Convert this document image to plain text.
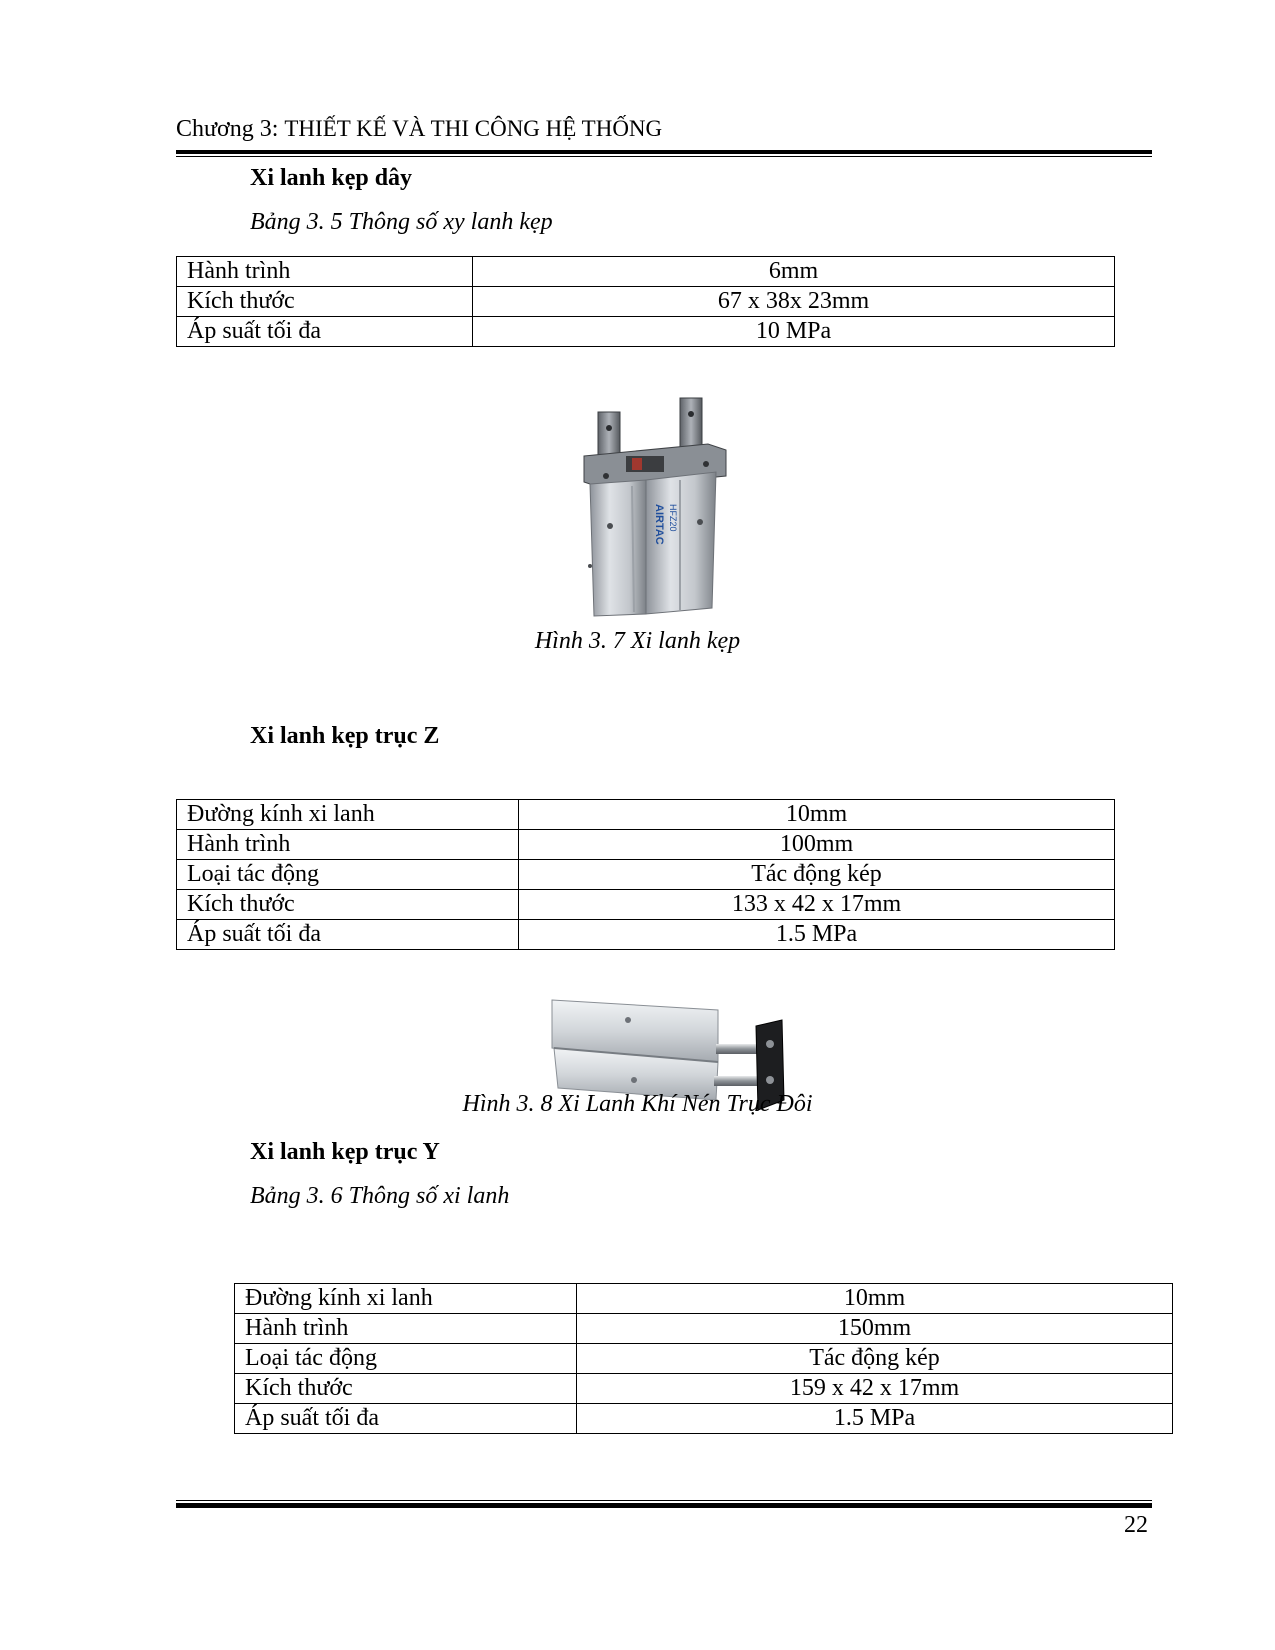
Chương 3: THIẾT KẾ VÀ THI CÔNG HỆ THỐNG
Xi lanh kẹp dây
Bảng 3. 5 Thông số xy lanh kẹp
Hành trình	6mm
Kích thước	67 x 38x 23mm
Áp suất tối đa	10 MPa
AIRTAC HFZ20
Hình 3. 7 Xi lanh kẹp
Xi lanh kẹp trục Z
Đường kính xi lanh	10mm
Hành trình	100mm
Loại tác động	Tác động kép
Kích thước	133 x 42 x 17mm
Áp suất tối đa	1.5 MPa
Hình 3. 8 Xi Lanh Khí Nén Trục Đôi
Xi lanh kẹp trục Y
Bảng 3. 6 Thông số xi lanh
Đường kính xi lanh	10mm
Hành trình	150mm
Loại tác động	Tác động kép
Kích thước	159 x 42 x 17mm
Áp suất tối đa	1.5 MPa
22
